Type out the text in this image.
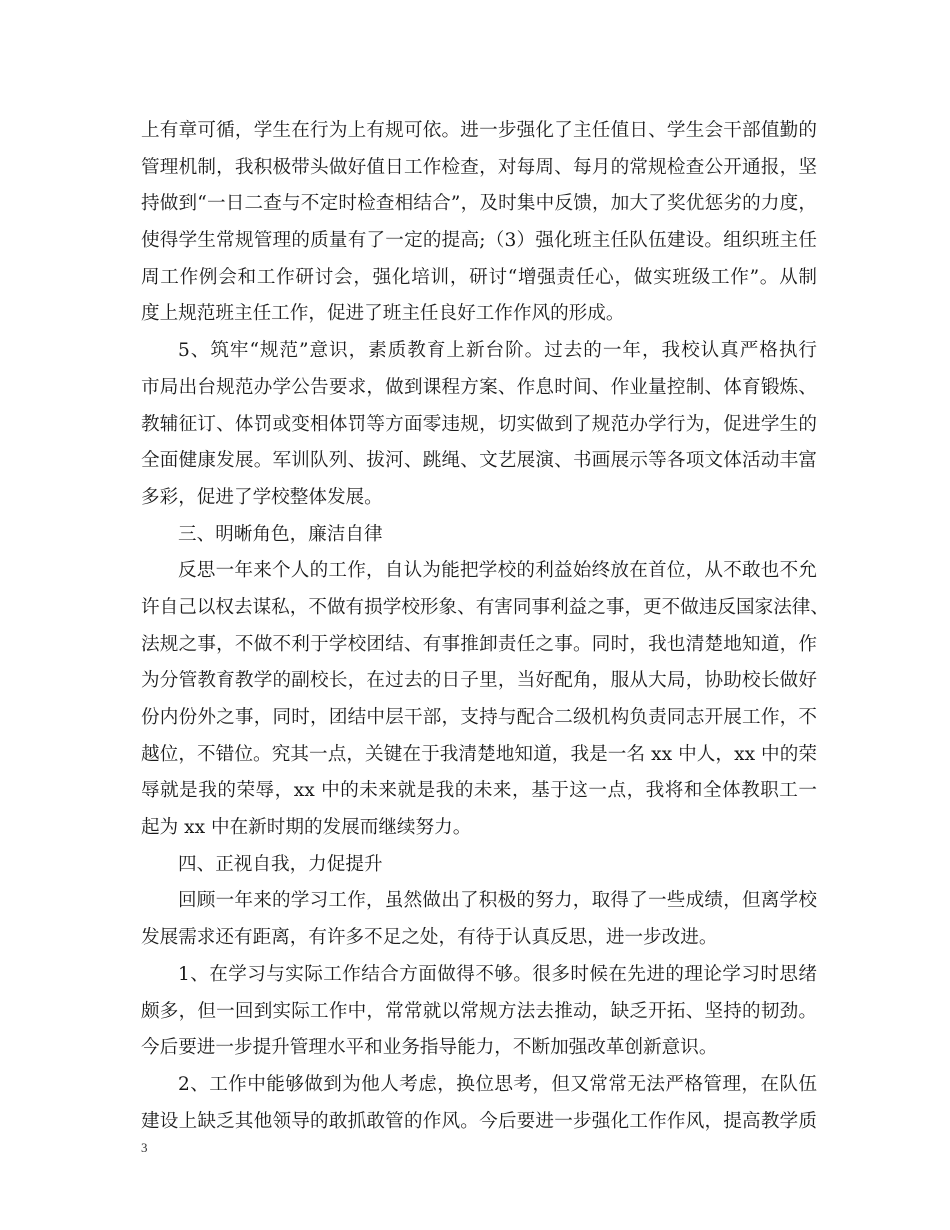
上有章可循，学生在行为上有规可依。进一步强化了主任值日、学生会干部值勤的
管理机制，我积极带头做好值日工作检查，对每周、每月的常规检查公开通报，坚
持做到“一日二查与不定时检查相结合”，及时集中反馈，加大了奖优惩劣的力度，
使得学生常规管理的质量有了一定的提高;（3）强化班主任队伍建设。组织班主任
周工作例会和工作研讨会，强化培训，研讨“增强责任心，做实班级工作”。从制
度上规范班主任工作，促进了班主任良好工作作风的形成。
5、筑牢“规范”意识，素质教育上新台阶。过去的一年，我校认真严格执行
市局出台规范办学公告要求，做到课程方案、作息时间、作业量控制、体育锻炼、
教辅征订、体罚或变相体罚等方面零违规，切实做到了规范办学行为，促进学生的
全面健康发展。军训队列、拔河、跳绳、文艺展演、书画展示等各项文体活动丰富
多彩，促进了学校整体发展。
三、明晰角色，廉洁自律
反思一年来个人的工作，自认为能把学校的利益始终放在首位，从不敢也不允
许自己以权去谋私，不做有损学校形象、有害同事利益之事，更不做违反国家法律、
法规之事，不做不利于学校团结、有事推卸责任之事。同时，我也清楚地知道，作
为分管教育教学的副校长，在过去的日子里，当好配角，服从大局，协助校长做好
份内份外之事，同时，团结中层干部，支持与配合二级机构负责同志开展工作，不
越位，不错位。究其一点，关键在于我清楚地知道，我是一名 xx 中人，xx 中的荣
辱就是我的荣辱，xx 中的未来就是我的未来，基于这一点，我将和全体教职工一
起为 xx 中在新时期的发展而继续努力。
四、正视自我，力促提升
回顾一年来的学习工作，虽然做出了积极的努力，取得了一些成绩，但离学校
发展需求还有距离，有许多不足之处，有待于认真反思，进一步改进。
1、在学习与实际工作结合方面做得不够。很多时候在先进的理论学习时思绪
颇多，但一回到实际工作中，常常就以常规方法去推动，缺乏开拓、坚持的韧劲。
今后要进一步提升管理水平和业务指导能力，不断加强改革创新意识。
2、工作中能够做到为他人考虑，换位思考，但又常常无法严格管理，在队伍
建设上缺乏其他领导的敢抓敢管的作风。今后要进一步强化工作作风，提高教学质
3
